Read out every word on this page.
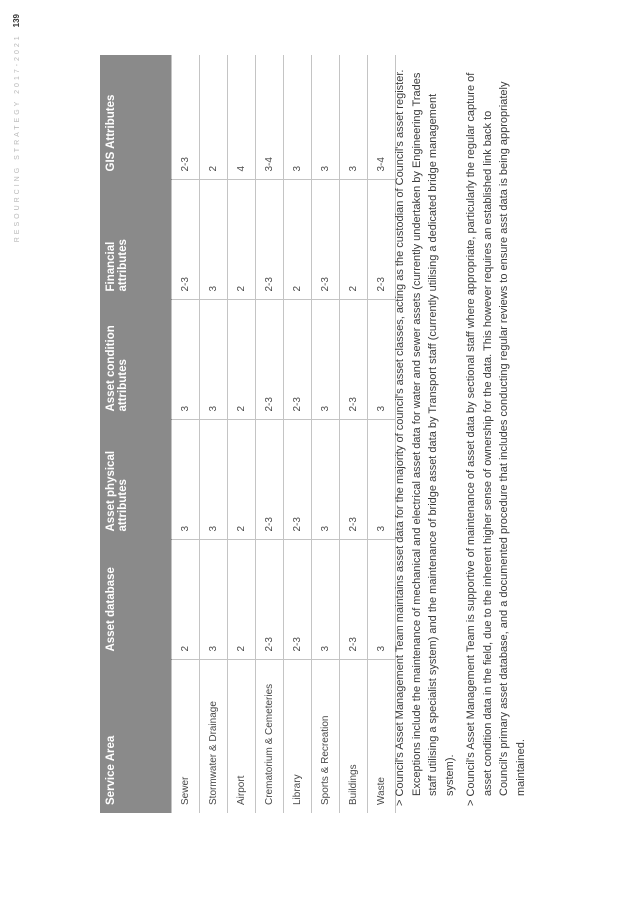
Service Area	Asset database	Asset physical attributes	Asset condition attributes	Financial attributes	GIS Attributes
Sewer	2	3	3	2-3	2-3
Stormwater & Drainage	3	3	3	3	2
Airport	2	2	2	2	4
Crematorium & Cemeteries	2-3	2-3	2-3	2-3	3-4
Library	2-3	2-3	2-3	2	3
Sports & Recreation	3	3	3	2-3	3
Buildings	2-3	2-3	2-3	2	3
Waste	3	3	3	2-3	3-4 > Council's Asset Management Team maintains asset data for the majority of council's asset classes, acting as the custodian of Council's asset register. Exceptions include the maintenance of mechanical and electrical asset data for water and sewer assets (currently undertaken by Engineering Trades staff utilising a specialist system) and the maintenance of bridge asset data by Transport staff (currently utilising a dedicated bridge management system). > Council's Asset Management Team is supportive of maintenance of asset data by sectional staff where appropriate, particularly the regular capture of asset condition data in the field, due to the inherent higher sense of ownership for the data. This however requires an established link back to Council's primary asset database, and a documented procedure that includes conducting regular reviews to ensure asst data is being appropriately maintained.

RESOURCING STRATEGY 2017-2021139
